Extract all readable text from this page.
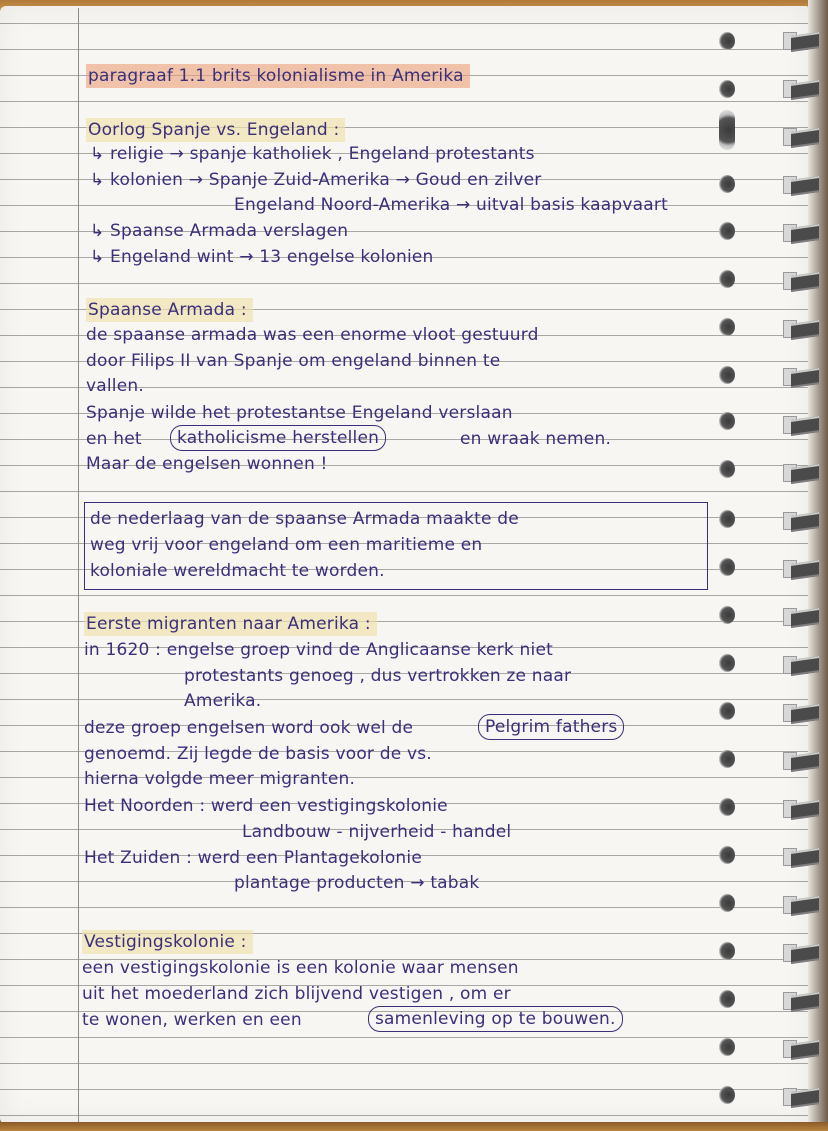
paragraaf 1.1 brits kolonialisme in Amerika
Oorlog Spanje vs. Engeland :
↳ religie → spanje katholiek , Engeland protestants
↳ kolonien → Spanje Zuid-Amerika → Goud en zilver
Engeland Noord-Amerika → uitval basis kaapvaart
↳ Spaanse Armada verslagen
↳ Engeland wint → 13 engelse kolonien
Spaanse Armada :
de spaanse armada was een enorme vloot gestuurd
door Filips II van Spanje om engeland binnen te
vallen.
Spanje wilde het protestantse Engeland verslaan
en het	katholicisme herstellen	en wraak nemen.
Maar de engelsen wonnen !
de nederlaag van de spaanse Armada maakte de
weg vrij voor engeland om een maritieme en
koloniale wereldmacht te worden.
Eerste migranten naar Amerika :
in 1620 : engelse groep vind de Anglicaanse kerk niet
protestants genoeg , dus vertrokken ze naar
Amerika.
deze groep engelsen word ook wel de	Pelgrim fathers
genoemd. Zij legde de basis voor de vs.
hierna volgde meer migranten.
Het Noorden : werd een vestigingskolonie
Landbouw - nijverheid - handel
Het Zuiden : werd een Plantagekolonie
plantage producten → tabak
Vestigingskolonie :
een vestigingskolonie is een kolonie waar mensen
uit het moederland zich blijvend vestigen , om er
te wonen, werken en een	samenleving op te bouwen.
